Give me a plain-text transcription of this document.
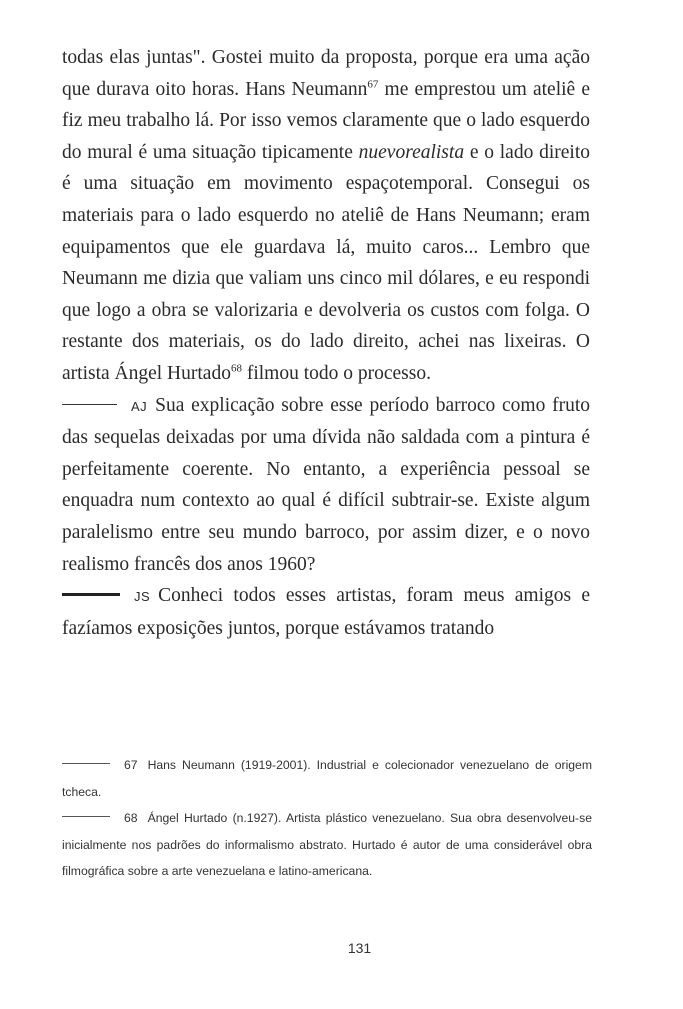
todas elas juntas". Gostei muito da proposta, porque era uma ação que durava oito horas. Hans Neumann$^{67}$ me emprestou um ateliê e fiz meu trabalho lá. Por isso vemos claramente que o lado esquerdo do mural é uma situação tipicamente nuevorealista e o lado direito é uma situação em movimento espaçotemporal. Consegui os materiais para o lado esquerdo no ateliê de Hans Neumann; eram equipamentos que ele guardava lá, muito caros... Lembro que Neumann me dizia que valiam uns cinco mil dólares, e eu respondi que logo a obra se valorizaria e devolveria os custos com folga. O restante dos materiais, os do lado direito, achei nas lixeiras. O artista Ángel Hurtado$^{68}$ filmou todo o processo.

AJ Sua explicação sobre esse período barroco como fruto das sequelas deixadas por uma dívida não saldada com a pintura é perfeitamente coerente. No entanto, a experiência pessoal se enquadra num contexto ao qual é difícil subtrair-se. Existe algum paralelismo entre seu mundo barroco, por assim dizer, e o novo realismo francês dos anos 1960?

JS Conheci todos esses artistas, foram meus amigos e fazíamos exposições juntos, porque estávamos tratando

67 Hans Neumann (1919-2001). Industrial e colecionador venezuelano de origem tcheca.

68 Ángel Hurtado (n.1927). Artista plástico venezuelano. Sua obra desenvolveu-se inicialmente nos padrões do informalismo abstrato. Hurtado é autor de uma considerável obra filmográfica sobre a arte venezuelana e latino-americana.

131
